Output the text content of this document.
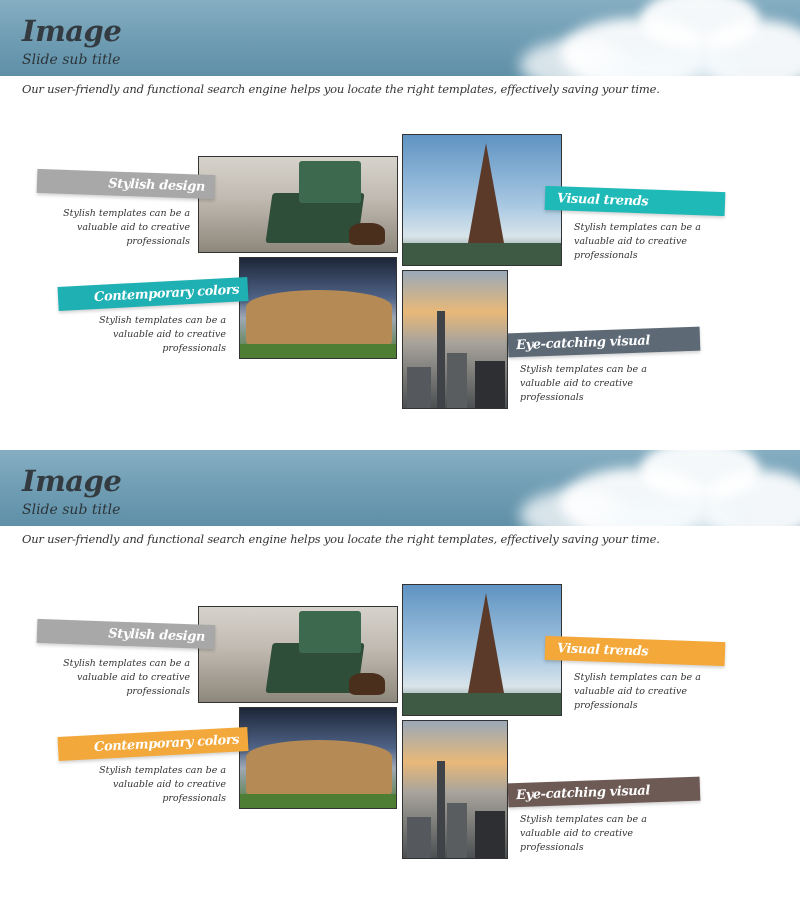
Image
Slide sub title
Our user-friendly and functional search engine helps you locate the right templates, effectively saving your time.
Stylish design
Stylish templates can be a valuable aid to creative professionals
Visual trends
Stylish templates can be a valuable aid to creative professionals
Contemporary colors
Stylish templates can be a valuable aid to creative professionals	Eye-catching visual
Stylish templates can be a valuable aid to creative professionals
Image
Slide sub title
Our user-friendly and functional search engine helps you locate the right templates, effectively saving your time.
Stylish design
Stylish templates can be a valuable aid to creative professionals
Visual trends
Stylish templates can be a valuable aid to creative professionals
Contemporary colors
Stylish templates can be a valuable aid to creative professionals	Eye-catching visual
Stylish templates can be a valuable aid to creative professionals
